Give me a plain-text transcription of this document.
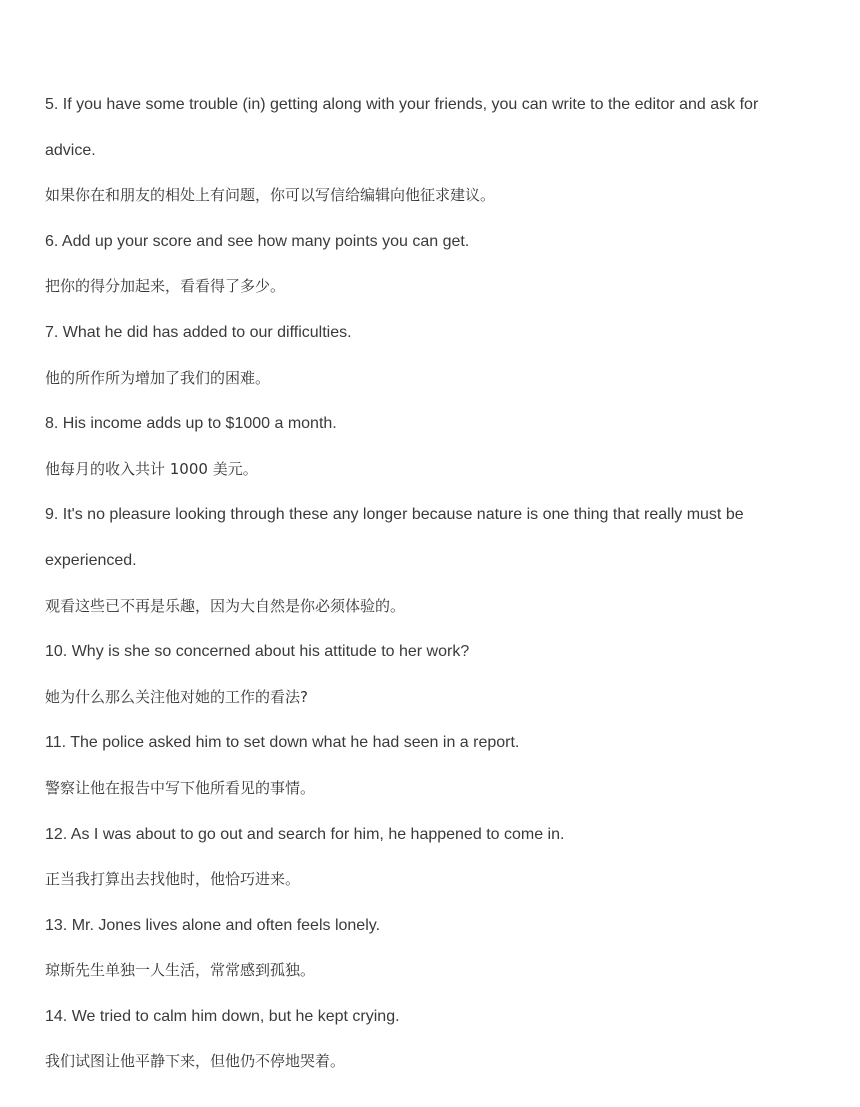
5. If you have some trouble (in) getting along with your friends, you can write to the editor and ask for
advice.
如果你在和朋友的相处上有问题，你可以写信给编辑向他征求建议。
6. Add up your score and see how many points you can get.
把你的得分加起来，看看得了多少。
7. What he did has added to our difficulties.
他的所作所为增加了我们的困难。
8. His income adds up to $1000 a month.
他每月的收入共计 1000 美元。
9. It's no pleasure looking through these any longer because nature is one thing that really must be
experienced.
观看这些已不再是乐趣，因为大自然是你必须体验的。
10. Why is she so concerned about his attitude to her work?
她为什么那么关注他对她的工作的看法?
11. The police asked him to set down what he had seen in a report.
警察让他在报告中写下他所看见的事情。
12. As I was about to go out and search for him, he happened to come in.
正当我打算出去找他时，他恰巧进来。
13. Mr. Jones lives alone and often feels lonely.
琼斯先生单独一人生活，常常感到孤独。
14. We tried to calm him down, but he kept crying.
我们试图让他平静下来，但他仍不停地哭着。
